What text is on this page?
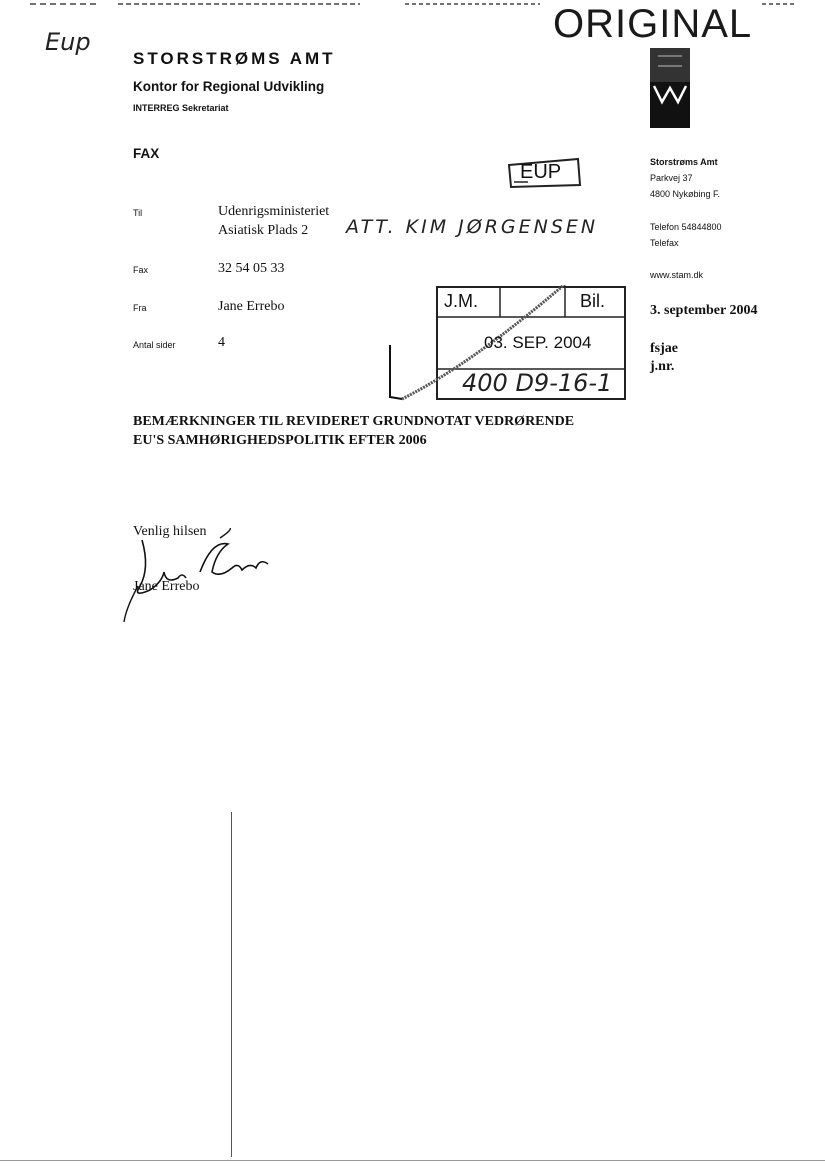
ORIGINAL
Eup
STORSTRØMS AMT
Kontor for Regional Udvikling
INTERREG Sekretariat
FAX
EUP
Til	Udenrigsministeriet
Asiatisk Plads 2 ATT. KIM JØRGENSEN
Fax	32 54 05 33
Fra	Jane Errebo
Antal sider	4
Storstrøms Amt
Parkvej 37
4800 Nykøbing F.
Telefon 54844800
Telefax
www.stam.dk
3. september 2004
fsjae
j.nr.
J.M.	Bil.
03. SEP. 2004
400 D9-16-1
BEMÆRKNINGER TIL REVIDERET GRUNDNOTAT VEDRØRENDE
EU'S SAMHØRIGHEDSPOLITIK EFTER 2006
Venlig hilsen
Jane Errebo
